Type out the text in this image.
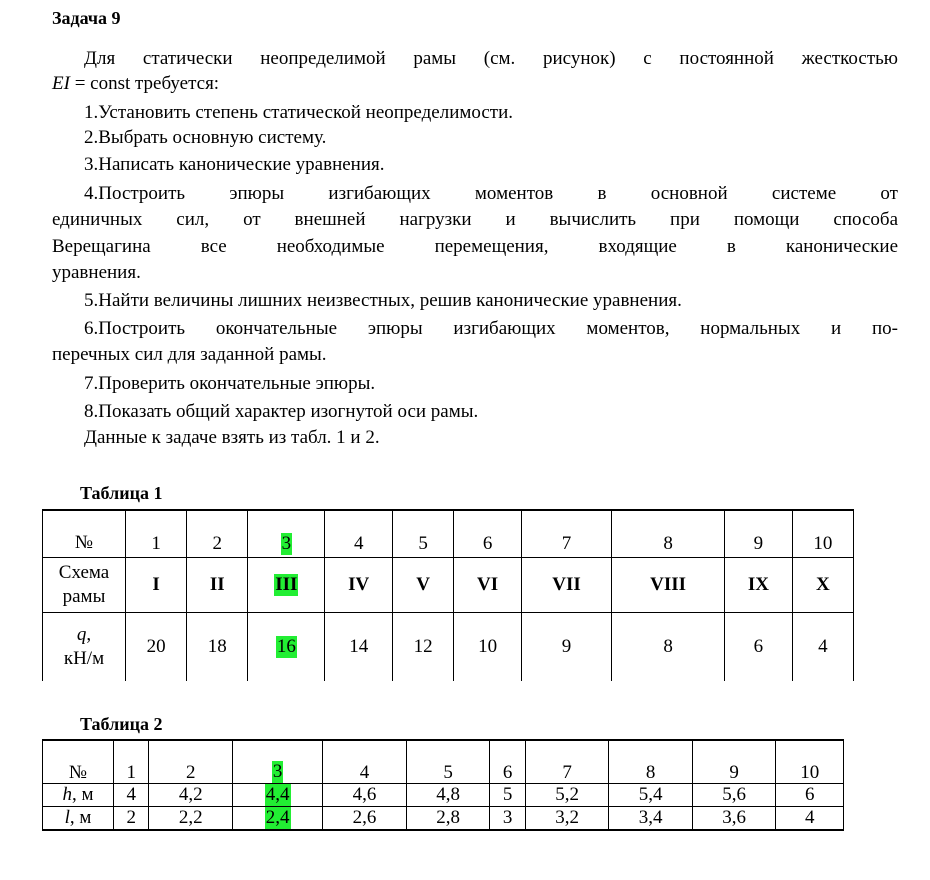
Задача 9
Для статически неопределимой рамы (см. рисунок) с постоянной жесткостью
EI = const требуется:
1.Установить степень статической неопределимости.
2.Выбрать основную систему.
3.Написать канонические уравнения.
4.Построить эпюры изгибающих моментов в основной системе от
единичных сил, от внешней нагрузки и вычислить при помощи способа
Верещагина все необходимые перемещения, входящие в канонические
уравнения.
5.Найти величины лишних неизвестных, решив канонические уравнения.
6.Построить окончательные эпюры изгибающих моментов, нормальных и по-
перечных сил для заданной рамы.
7.Проверить окончательные эпюры.
8.Показать общий характер изогнутой оси рамы.
Данные к задаче взять из табл. 1 и 2.
Таблица 1
№	1	2	3	4	5	6	7	8	9	10
Схема
рамы	I	II	III	IV	V	VI	VII	VIII	IX	X
q,
кН/м	20	18	16	14	12	10	9	8	6	4
Таблица 2
№	1	2	3	4	5	6	7	8	9	10
h, м	4	4,2	4,4	4,6	4,8	5	5,2	5,4	5,6	6
l, м	2	2,2	2,4	2,6	2,8	3	3,2	3,4	3,6	4
